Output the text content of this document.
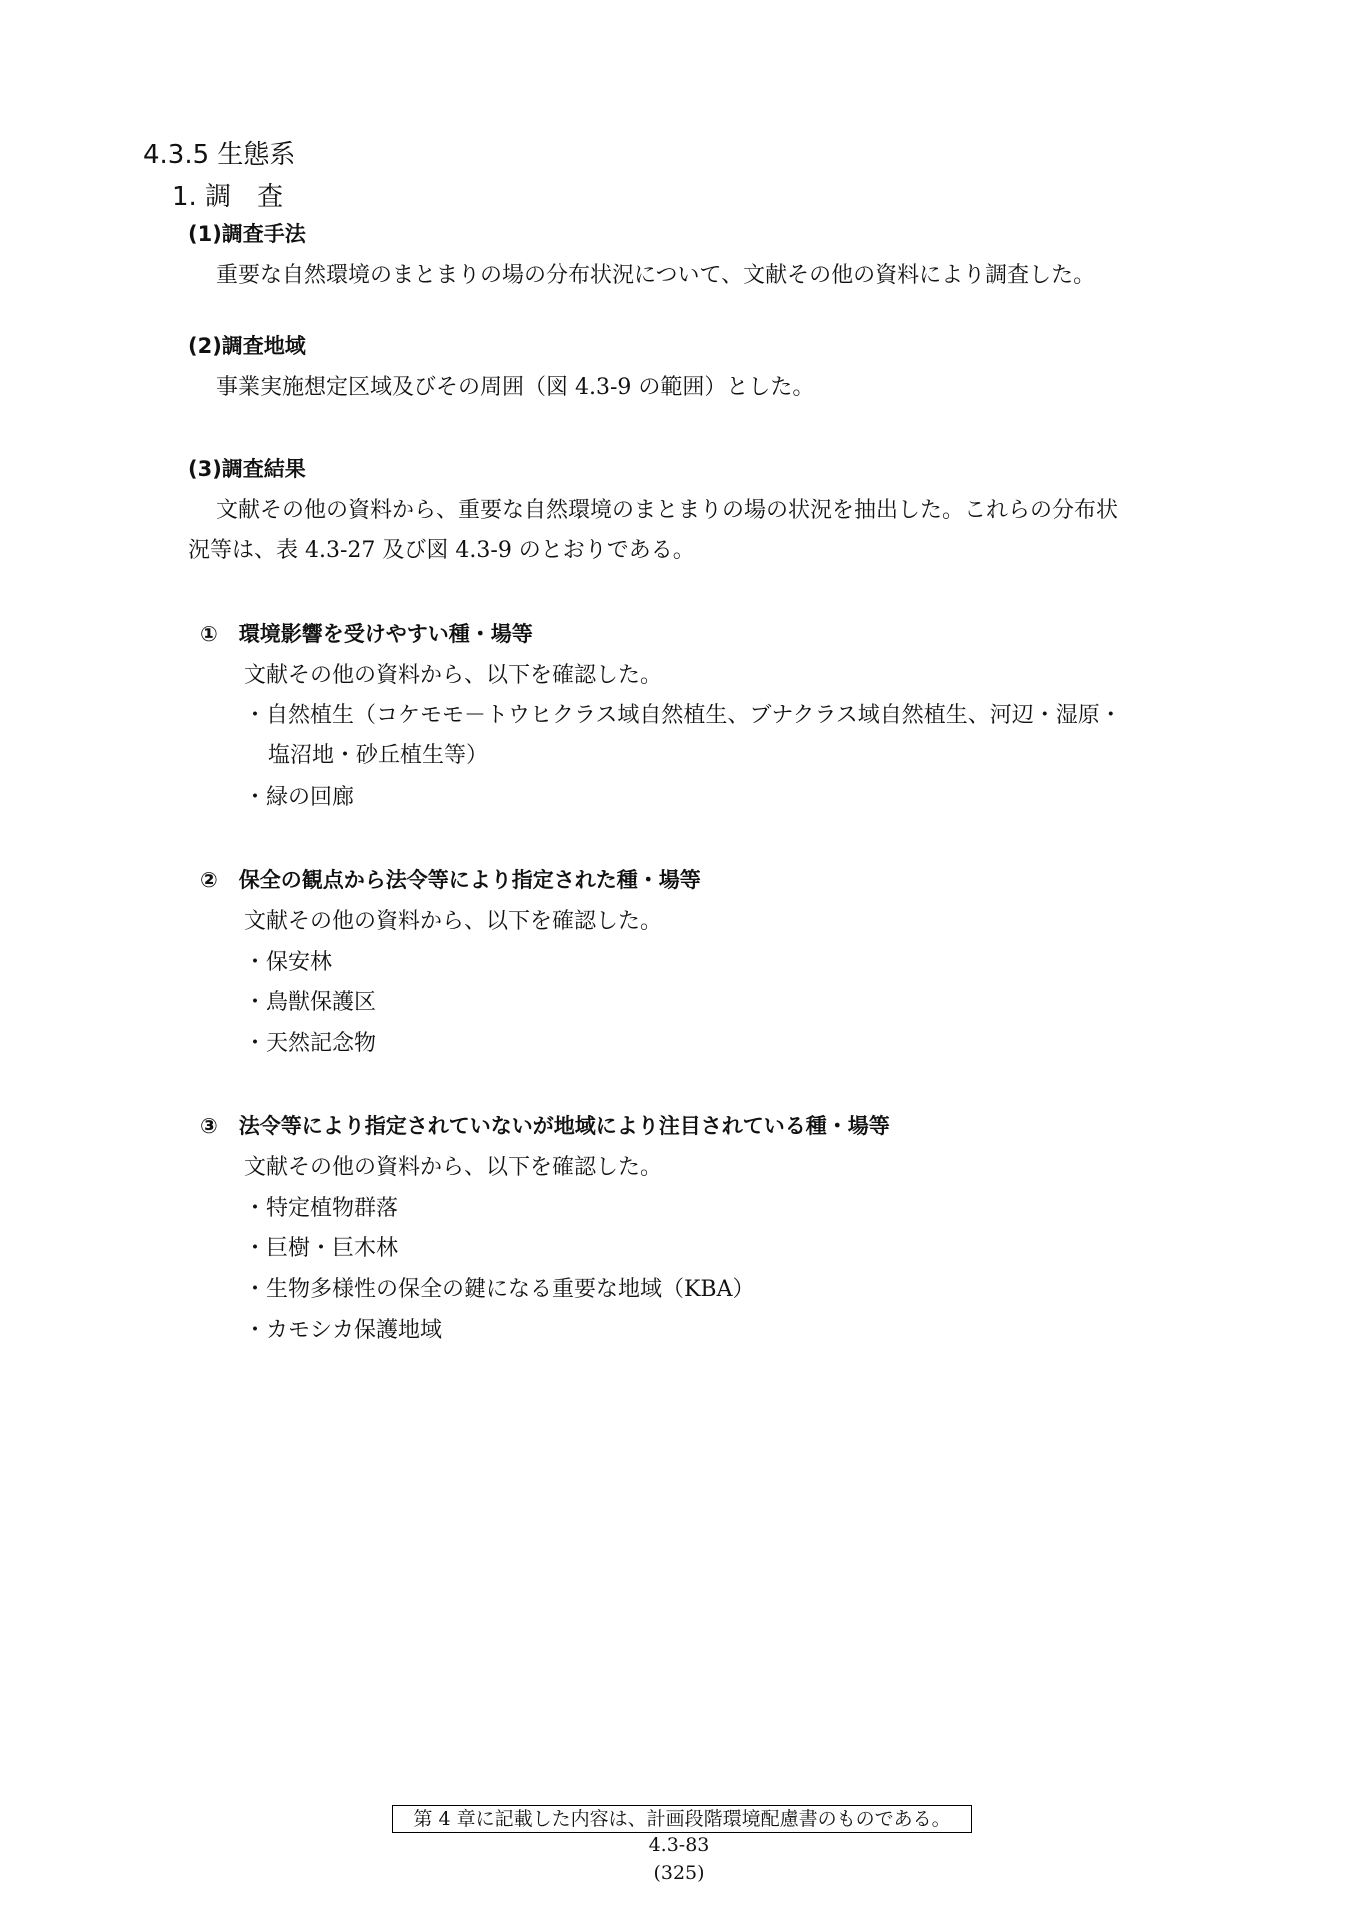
4.3.5 生態系
1. 調　査
(1)調査手法
重要な自然環境のまとまりの場の分布状況について、文献その他の資料により調査した。
(2)調査地域
事業実施想定区域及びその周囲（図 4.3-9 の範囲）とした。
(3)調査結果
文献その他の資料から、重要な自然環境のまとまりの場の状況を抽出した。これらの分布状
況等は、表 4.3-27 及び図 4.3-9 のとおりである。
①　環境影響を受けやすい種・場等
文献その他の資料から、以下を確認した。
・自然植生（コケモモ－トウヒクラス域自然植生、ブナクラス域自然植生、河辺・湿原・
塩沼地・砂丘植生等）
・緑の回廊
②　保全の観点から法令等により指定された種・場等
文献その他の資料から、以下を確認した。
・保安林
・鳥獣保護区
・天然記念物
③　法令等により指定されていないが地域により注目されている種・場等
文献その他の資料から、以下を確認した。
・特定植物群落
・巨樹・巨木林
・生物多様性の保全の鍵になる重要な地域（KBA）
・カモシカ保護地域
第 4 章に記載した内容は、計画段階環境配慮書のものである。
4.3-83
(325)
